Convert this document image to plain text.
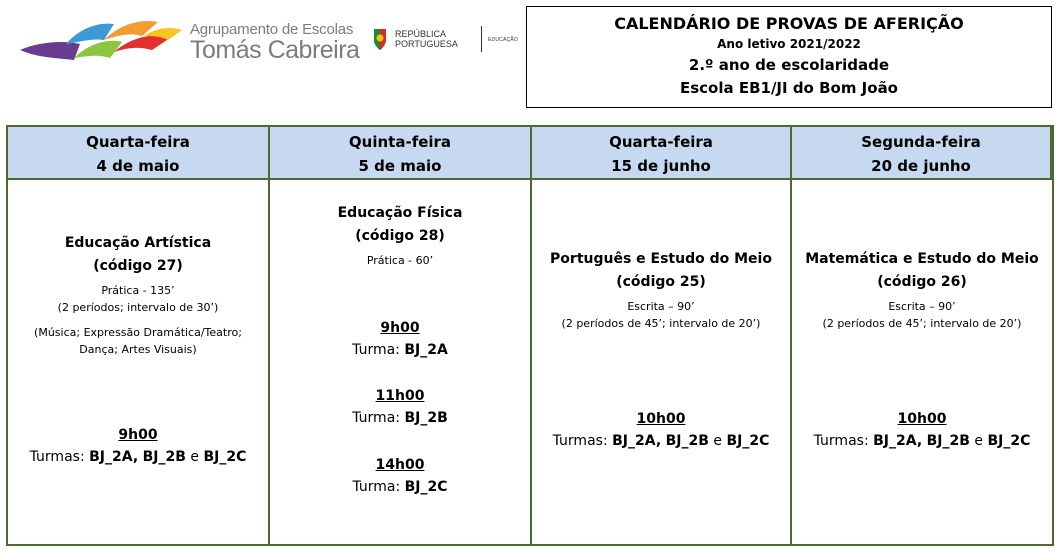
Agrupamento de Escolas
Tomás Cabreira
REPÚBLICA
PORTUGUESA	EDUCAÇÃO
CALENDÁRIO DE PROVAS DE AFERIÇÃO
Ano letivo 2021/2022
2.º ano de escolaridade
Escola EB1/JI do Bom João
Quarta-feira
4 de maio
Quinta-feira
5 de maio
Quarta-feira
15 de junho
Segunda-feira
20 de junho
Educação Artística
(código 27)
Prática - 135’
(2 períodos; intervalo de 30’)
(Música; Expressão Dramática/Teatro;
Dança; Artes Visuais)
9h00
Turmas: BJ_2A, BJ_2B e BJ_2C
Educação Física
(código 28)
Prática - 60’
9h00
Turma: BJ_2A
11h00
Turma: BJ_2B
14h00
Turma: BJ_2C
Português e Estudo do Meio
(código 25)
Escrita – 90’
(2 períodos de 45’; intervalo de 20’)
10h00
Turmas: BJ_2A, BJ_2B e BJ_2C
Matemática e Estudo do Meio
(código 26)
Escrita – 90’
(2 períodos de 45’; intervalo de 20’)
10h00
Turmas: BJ_2A, BJ_2B e BJ_2C
